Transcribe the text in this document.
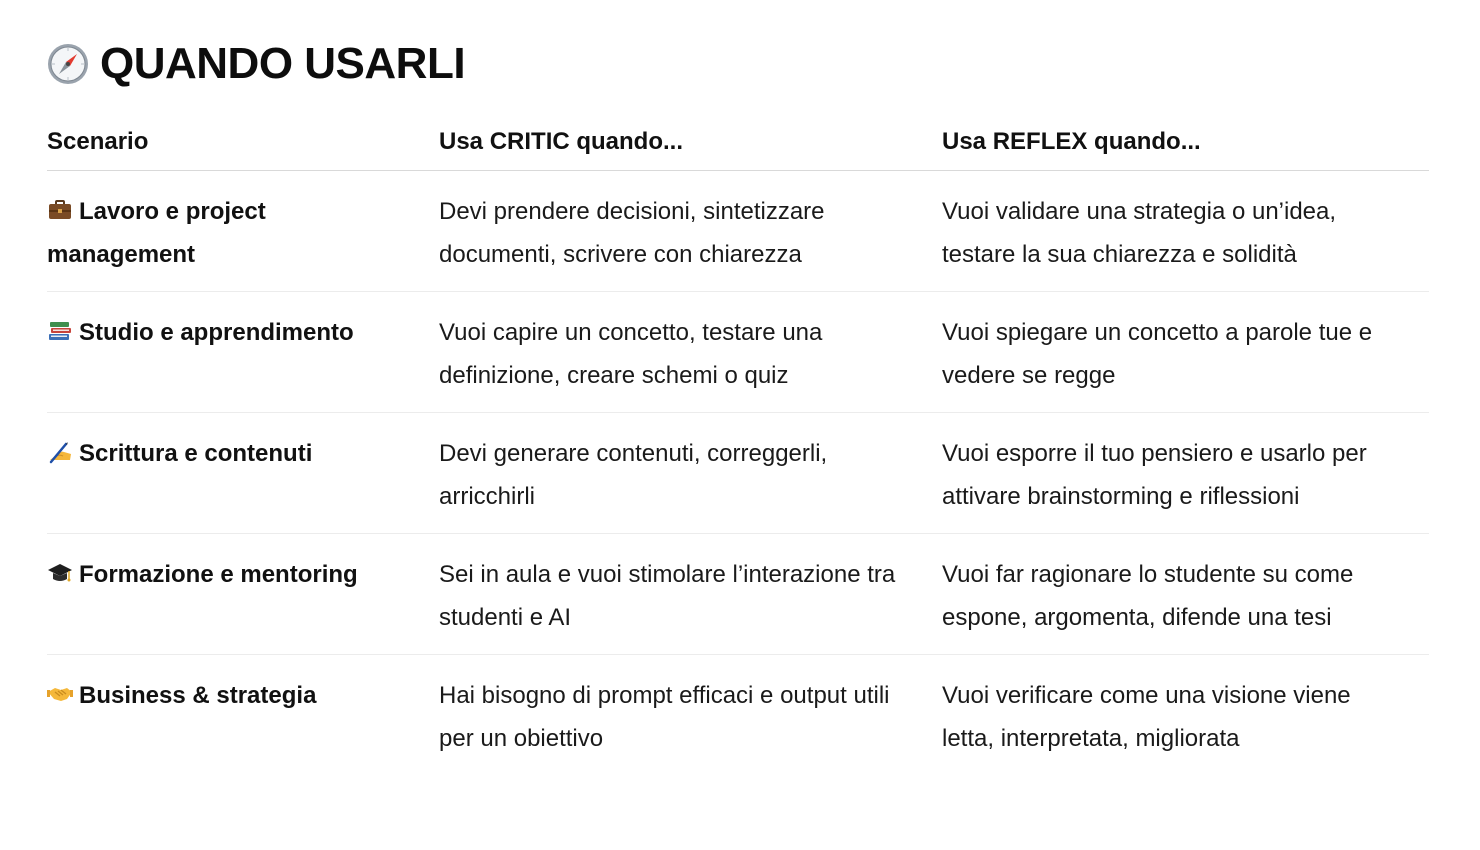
QUANDO USARLI
Scenario	Usa CRITIC quando...	Usa REFLEX quando...
Lavoro e project management	Devi prendere decisioni, sintetizzare documenti, scrivere con chiarezza	Vuoi validare una strategia o un’idea, testare la sua chiarezza e solidità
Studio e apprendimento	Vuoi capire un concetto, testare una definizione, creare schemi o quiz	Vuoi spiegare un concetto a parole tue e vedere se regge
Scrittura e contenuti	Devi generare contenuti, correggerli, arricchirli	Vuoi esporre il tuo pensiero e usarlo per attivare brainstorming e riflessioni
Formazione e mentoring	Sei in aula e vuoi stimolare l’interazione tra studenti e AI	Vuoi far ragionare lo studente su come espone, argomenta, difende una tesi
Business & strategia	Hai bisogno di prompt efficaci e output utili per un obiettivo	Vuoi verificare come una visione viene letta, interpretata, migliorata
